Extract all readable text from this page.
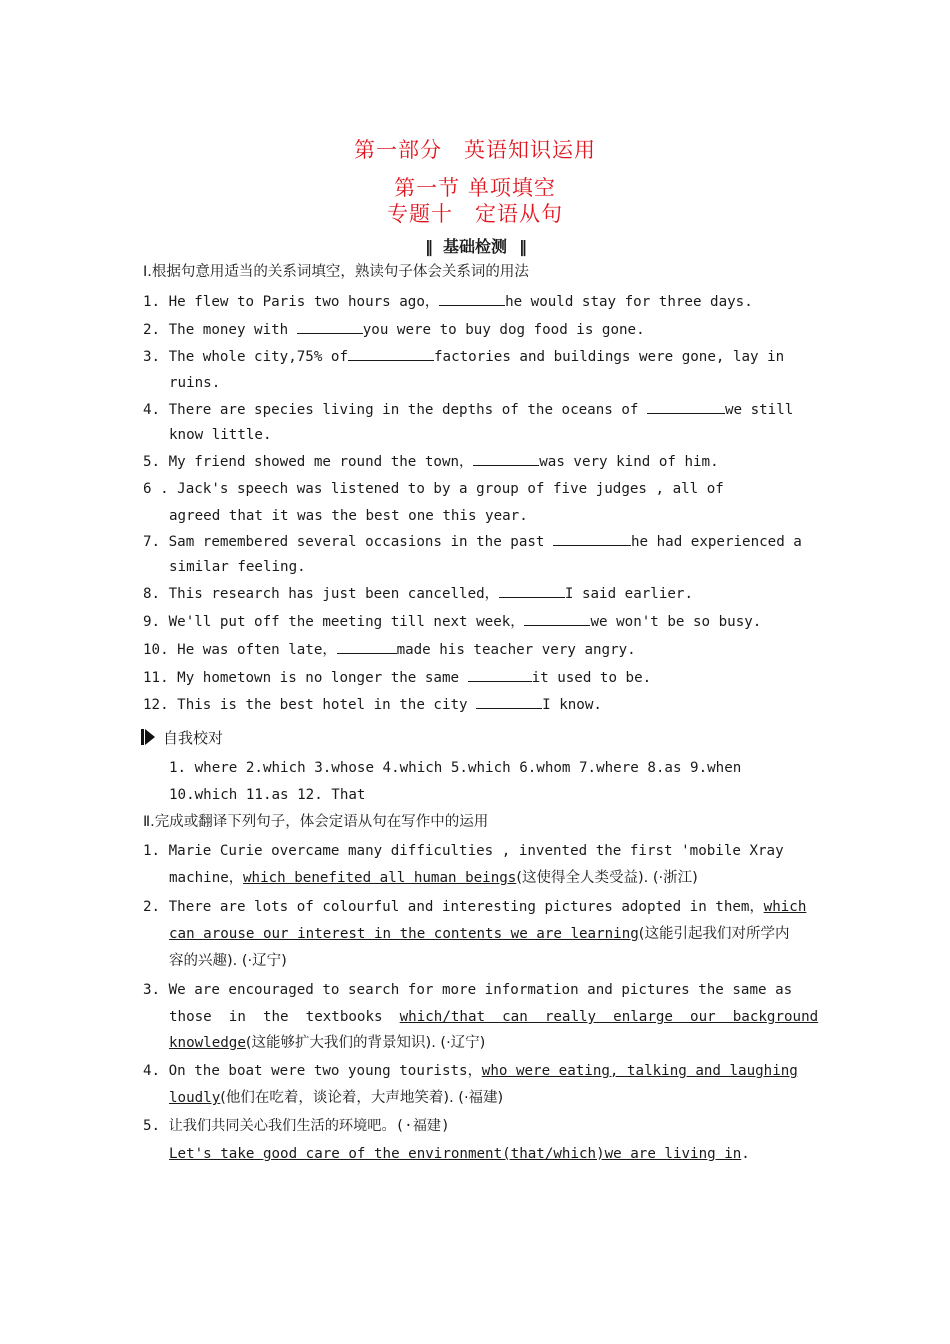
第一部分　英语知识运用
第一节 单项填空
专题十　定语从句
‖ 基础检测 ‖
I.根据句意用适当的关系词填空，熟读句子体会关系词的用法
1. He flew to Paris two hours ago，	he would stay for three days.
2. The money with	you were to buy dog food is gone.
3. The whole city,75% of	factories and buildings were gone, lay in
ruins.
4. There are species living in the depths of the oceans of	we still
know little.
5. My friend showed me round the town，	was very kind of him.
6 . Jack's speech was listened to by a group of five judges , all of
agreed that it was the best one this year.
7. Sam remembered several occasions in the past	he had experienced a
similar feeling.
8. This research has just been cancelled，	I said earlier.
9. We'll put off the meeting till next week，	we won't be so busy.
10. He was often late，	made his teacher very angry.
11. My hometown is no longer the same	it used to be.
12. This is the best hotel in the city	I know.
自我校对
1. where 2.which 3.whose 4.which 5.which 6.whom 7.where 8.as 9.when
10.which 11.as 12. That
Ⅱ.完成或翻译下列句子，体会定语从句在写作中的运用
1. Marie Curie overcame many difficulties , invented the first 'mobile Xray
machine，which benefited all human beings(这使得全人类受益). (·浙江)
2. There are lots of colourful and interesting pictures adopted in them，which
can arouse our interest in the contents we are learning(这能引起我们对所学内
容的兴趣). (·辽宁)
3. We are encouraged to search for more information and pictures the same as
those  in  the  textbooks  which/that  can  really  enlarge  our  background
knowledge(这能够扩大我们的背景知识). (·辽宁)
4. On the boat were two young tourists，who were eating, talking and laughing
loudly(他们在吃着，谈论着，大声地笑着). (·福建)
5. 让我们共同关心我们生活的环境吧。(·福建)
Let's take good care of the environment(that/which)we are living in.
